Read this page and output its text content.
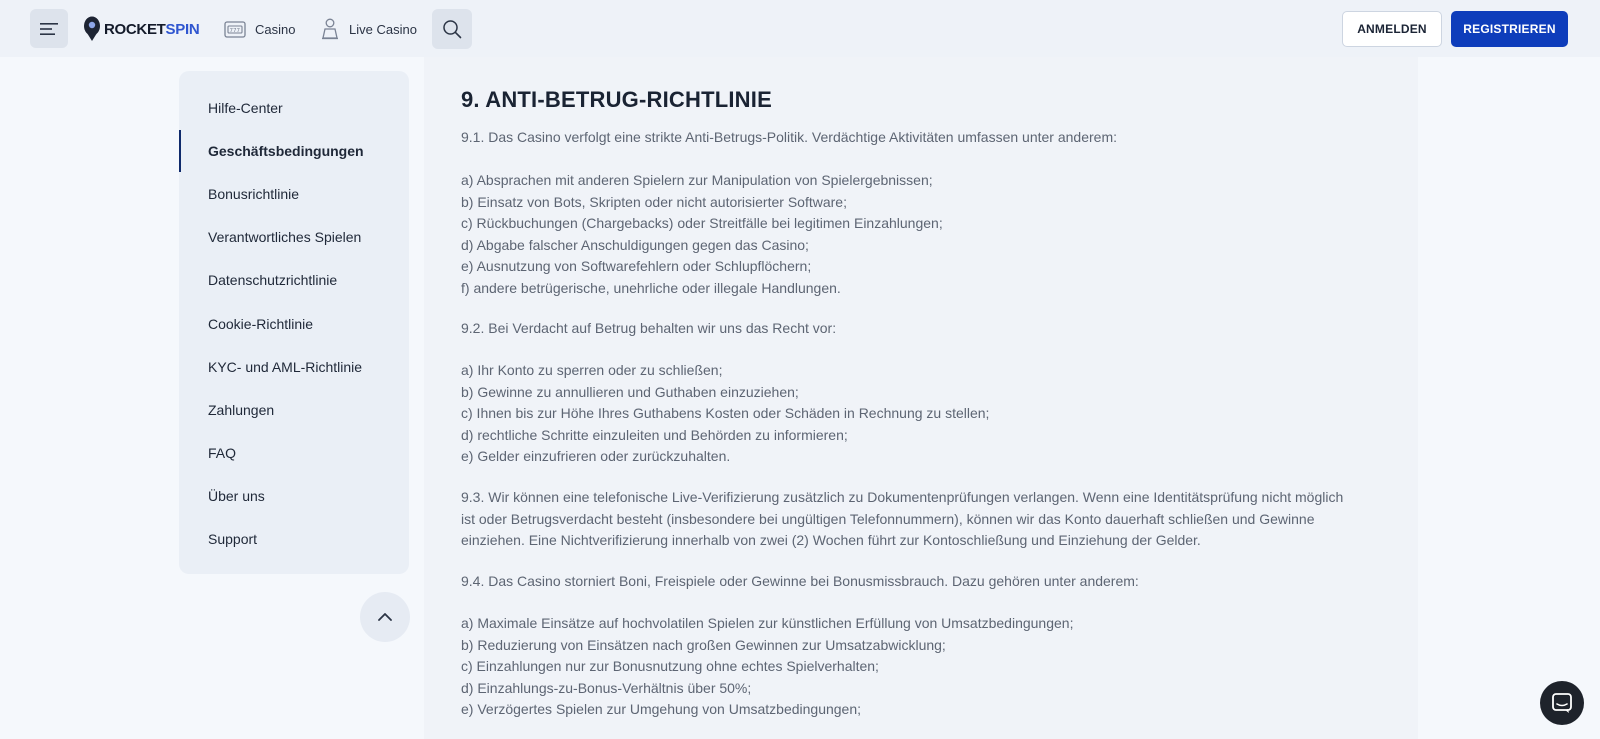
ROCKETSPIN	777 Casino	Live Casino	ANMELDEN	REGISTRIEREN
Hilfe-Center
Geschäftsbedingungen
Bonusrichtlinie
Verantwortliches Spielen
Datenschutzrichtlinie
Cookie-Richtlinie
KYC- und AML-Richtlinie
Zahlungen
FAQ
Über uns
Support
9. ANTI-BETRUG-RICHTLINIE
9.1. Das Casino verfolgt eine strikte Anti-Betrugs-Politik. Verdächtige Aktivitäten umfassen unter anderem:
a) Absprachen mit anderen Spielern zur Manipulation von Spielergebnissen;
b) Einsatz von Bots, Skripten oder nicht autorisierter Software;
c) Rückbuchungen (Chargebacks) oder Streitfälle bei legitimen Einzahlungen;
d) Abgabe falscher Anschuldigungen gegen das Casino;
e) Ausnutzung von Softwarefehlern oder Schlupflöchern;
f) andere betrügerische, unehrliche oder illegale Handlungen.
9.2. Bei Verdacht auf Betrug behalten wir uns das Recht vor:
a) Ihr Konto zu sperren oder zu schließen;
b) Gewinne zu annullieren und Guthaben einzuziehen;
c) Ihnen bis zur Höhe Ihres Guthabens Kosten oder Schäden in Rechnung zu stellen;
d) rechtliche Schritte einzuleiten und Behörden zu informieren;
e) Gelder einzufrieren oder zurückzuhalten.
9.3. Wir können eine telefonische Live-Verifizierung zusätzlich zu Dokumentenprüfungen verlangen. Wenn eine Identitätsprüfung nicht möglich
ist oder Betrugsverdacht besteht (insbesondere bei ungültigen Telefonnummern), können wir das Konto dauerhaft schließen und Gewinne
einziehen. Eine Nichtverifizierung innerhalb von zwei (2) Wochen führt zur Kontoschließung und Einziehung der Gelder.
9.4. Das Casino storniert Boni, Freispiele oder Gewinne bei Bonusmissbrauch. Dazu gehören unter anderem:
a) Maximale Einsätze auf hochvolatilen Spielen zur künstlichen Erfüllung von Umsatzbedingungen;
b) Reduzierung von Einsätzen nach großen Gewinnen zur Umsatzabwicklung;
c) Einzahlungen nur zur Bonusnutzung ohne echtes Spielverhalten;
d) Einzahlungs-zu-Bonus-Verhältnis über 50%;
e) Verzögertes Spielen zur Umgehung von Umsatzbedingungen;
